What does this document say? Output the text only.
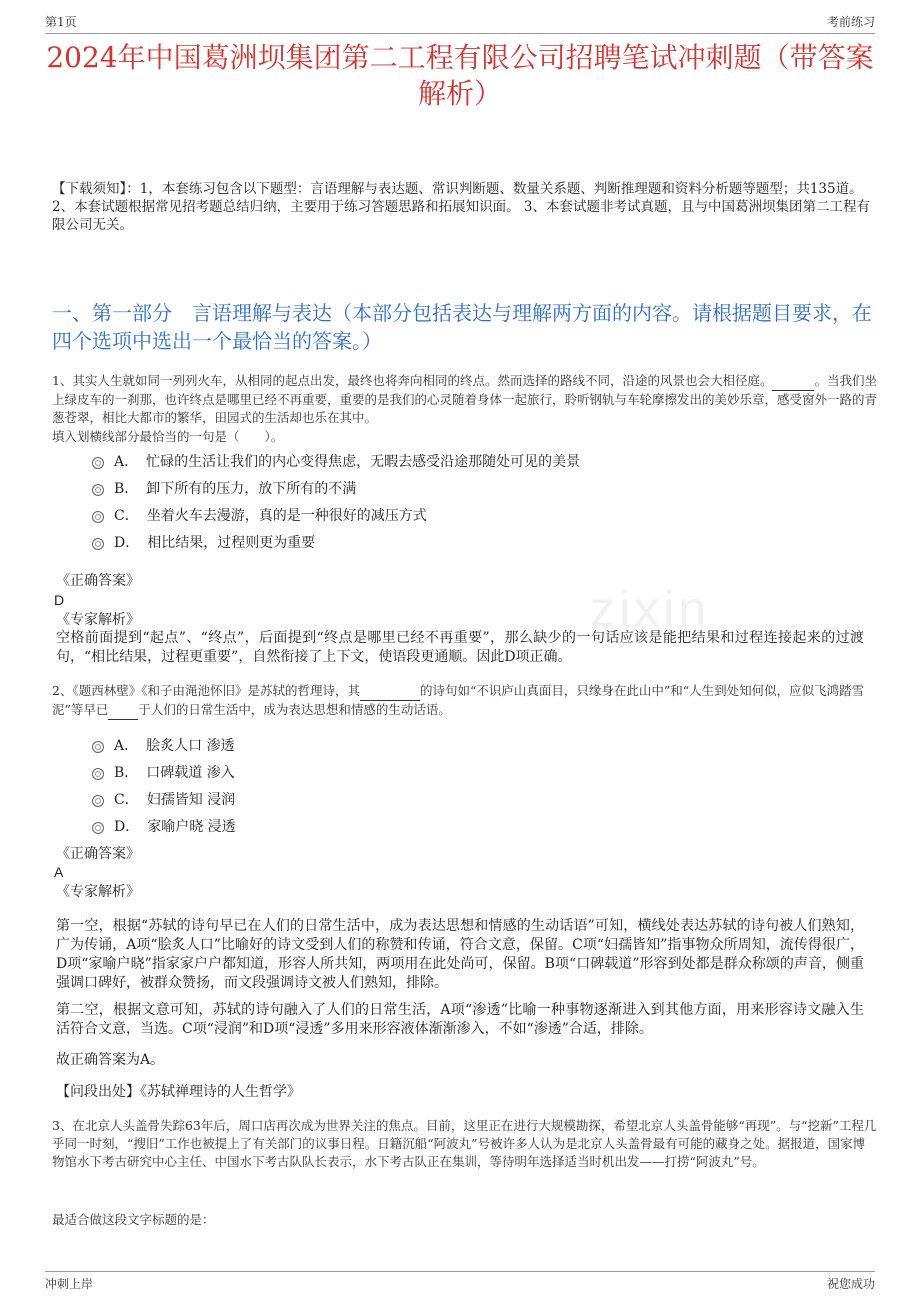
第1页	考前练习
2024年中国葛洲坝集团第二工程有限公司招聘笔试冲刺题（带答案解析）
【下载须知】：1，本套练习包含以下题型：言语理解与表达题、常识判断题、数量关系题、判断推理题和资料分析题等题型；共135道。 2、本套试题根据常见招考题总结归纳，主要用于练习答题思路和拓展知识面。 3、本套试题非考试真题，且与中国葛洲坝集团第二工程有限公司无关。
一、第一部分　言语理解与表达（本部分包括表达与理解两方面的内容。请根据题目要求，在四个选项中选出一个最恰当的答案。）
zixin
1、其实人生就如同一列列火车，从相同的起点出发，最终也将奔向相同的终点。然而选择的路线不同，沿途的风景也会大相径庭。	。当我们坐上绿皮车的一刹那，也许终点是哪里已经不再重要，重要的是我们的心灵随着身体一起旅行，聆听钢轨与车轮摩擦发出的美妙乐章，感受窗外一路的青葱苍翠，相比大都市的繁华，田园式的生活却也乐在其中。
填入划横线部分最恰当的一句是（　　）。
A． 忙碌的生活让我们的内心变得焦虑，无暇去感受沿途那随处可见的美景
B． 卸下所有的压力，放下所有的不满
C． 坐着火车去漫游，真的是一种很好的减压方式
D． 相比结果，过程则更为重要
《正确答案》
D
《专家解析》
空格前面提到“起点”、“终点”，后面提到“终点是哪里已经不再重要”，那么缺少的一句话应该是能把结果和过程连接起来的过渡句，“相比结果，过程更重要”，自然衔接了上下文，使语段更通顺。因此D项正确。
2、《题西林壁》《和子由渑池怀旧》是苏轼的哲理诗，其	的诗句如“不识庐山真面目，只缘身在此山中”和“人生到处知何似，应似飞鸿踏雪泥”等早已 于人们的日常生活中，成为表达思想和情感的生动话语。
A． 脍炙人口 渗透
B． 口碑载道 渗入
C． 妇孺皆知 浸润
D． 家喻户晓 浸透
《正确答案》
A
《专家解析》
第一空，根据“苏轼的诗句早已在人们的日常生活中，成为表达思想和情感的生动话语”可知，横线处表达苏轼的诗句被人们熟知，广为传诵，A项“脍炙人口”比喻好的诗文受到人们的称赞和传诵，符合文意，保留。C项“妇孺皆知”指事物众所周知，流传得很广，D项“家喻户晓”指家家户户都知道，形容人所共知，两项用在此处尚可，保留。B项“口碑载道”形容到处都是群众称颂的声音，侧重强调口碑好，被群众赞扬，而文段强调诗文被人们熟知，排除。
第二空，根据文意可知，苏轼的诗句融入了人们的日常生活，A项“渗透”比喻一种事物逐渐进入到其他方面，用来形容诗文融入生活符合文意，当选。C项“浸润”和D项“浸透”多用来形容液体渐渐渗入，不如“渗透”合适，排除。
故正确答案为A。
【问段出处】《苏轼禅理诗的人生哲学》
3、在北京人头盖骨失踪63年后，周口店再次成为世界关注的焦点。目前，这里正在进行大规模勘探，希望北京人头盖骨能够“再现”。与“挖新”工程几乎同一时刻，“搜旧”工作也被提上了有关部门的议事日程。日籍沉船“阿波丸”号被许多人认为是北京人头盖骨最有可能的藏身之处。据报道，国家博物馆水下考古研究中心主任、中国水下考古队队长表示，水下考古队正在集训，等待明年选择适当时机出发——打捞“阿波丸”号。
最适合做这段文字标题的是：
冲刺上岸	祝您成功
